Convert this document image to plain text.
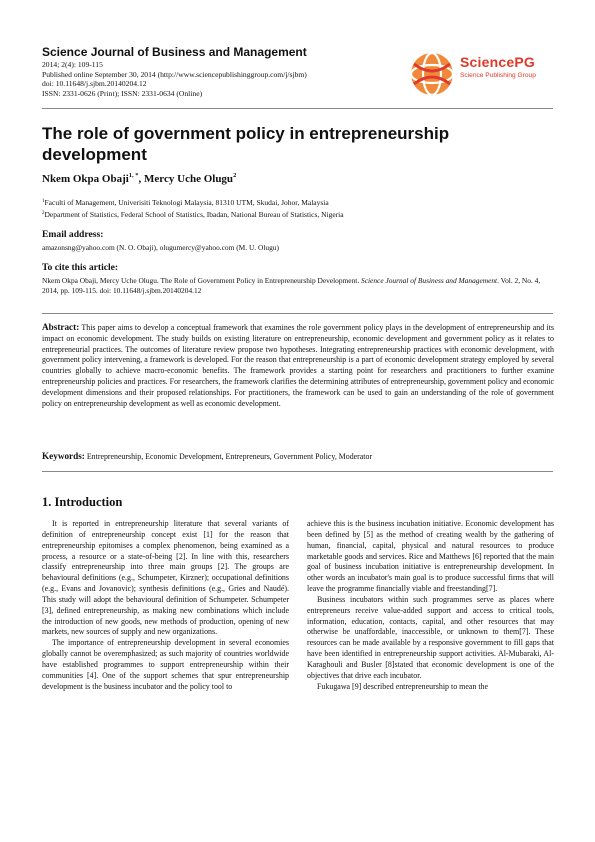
Science Journal of Business and Management
2014; 2(4): 109-115
Published online September 30, 2014 (http://www.sciencepublishinggroup.com/j/sjbm)
doi: 10.11648/j.sjbm.20140204.12
ISSN: 2331-0626 (Print); ISSN: 2331-0634 (Online)
SciencePG
Science Publishing Group
The role of government policy in entrepreneurship development
Nkem Okpa Obaji$^{1, *}$, Mercy Uche Olugu$^2$
$^1$Faculti of Management, Univerisiti Teknologi Malaysia, 81310 UTM, Skudai, Johor, Malaysia
$^2$Department of Statistics, Federal School of Statistics, Ibadan, National Bureau of Statistics, Nigeria
Email address:
amazonsng@yahoo.com (N. O. Obaji), olugumercy@yahoo.com (M. U. Olugu)
To cite this article:
Nkem Okpa Obaji, Mercy Uche Olugu. The Role of Government Policy in Entrepreneurship Development. Science Journal of Business and Management. Vol. 2, No. 4, 2014, pp. 109-115. doi: 10.11648/j.sjbm.20140204.12
Abstract: This paper aims to develop a conceptual framework that examines the role government policy plays in the development of entrepreneurship and its impact on economic development. The study builds on existing literature on entrepreneurship, economic development and government policy as it relates to entrepreneurial practices. The outcomes of literature review propose two hypotheses. Integrating entrepreneurship practices with economic development, with government policy intervening, a framework is developed. For the reason that entrepreneurship is a part of economic development strategy employed by several countries globally to achieve macro-economic benefits. The framework provides a starting point for researchers and practitioners to further examine entrepreneurship policies and practices. For researchers, the framework clarifies the determining attributes of entrepreneurship, government policy and economic development dimensions and their proposed relationships. For practitioners, the framework can be used to gain an understanding of the role of government policy on entrepreneurship development as well as economic development.
Keywords: Entrepreneurship, Economic Development, Entrepreneurs, Government Policy, Moderator
1. Introduction

It is reported in entrepreneurship literature that several variants of definition of entrepreneurship concept exist [1] for the reason that entrepreneurship epitomises a complex phenomenon, being examined as a process, a resource or a state-of-being [2]. In line with this, researchers classify entrepreneurship into three main groups [2]. The groups are behavioural definitions (e.g., Schumpeter, Kirzner); occupational definitions (e.g., Evans and Jovanovic); synthesis definitions (e.g., Gries and Naudé). This study will adopt the behavioural definition of Schumpeter. Schumpeter [3], defined entrepreneurship, as making new combinations which include the introduction of new goods, new methods of production, opening of new markets, new sources of supply and new organizations.

The importance of entrepreneurship development in several economies globally cannot be overemphasized; as such majority of countries worldwide have established programmes to support entrepreneurship within their communities [4]. One of the support schemes that spur entrepreneurship development is the business incubator and the policy tool to

achieve this is the business incubation initiative. Economic development has been defined by [5] as the method of creating wealth by the gathering of human, financial, capital, physical and natural resources to produce marketable goods and services. Rice and Matthews [6] reported that the main goal of business incubation initiative is entrepreneurship development. In other words an incubator's main goal is to produce successful firms that will leave the programme financially viable and freestanding[7].

Business incubators within such programmes serve as places where entrepreneurs receive value-added support and access to critical tools, information, education, contacts, capital, and other resources that may otherwise be unaffordable, inaccessible, or unknown to them[7]. These resources can be made available by a responsive government to fill gaps that have been identified in entrepreneurship support activities. Al-Mubaraki, Al-Karaghouli and Busler [8]stated that economic development is one of the objectives that drive each incubator.

Fukugawa [9] described entrepreneurship to mean the
